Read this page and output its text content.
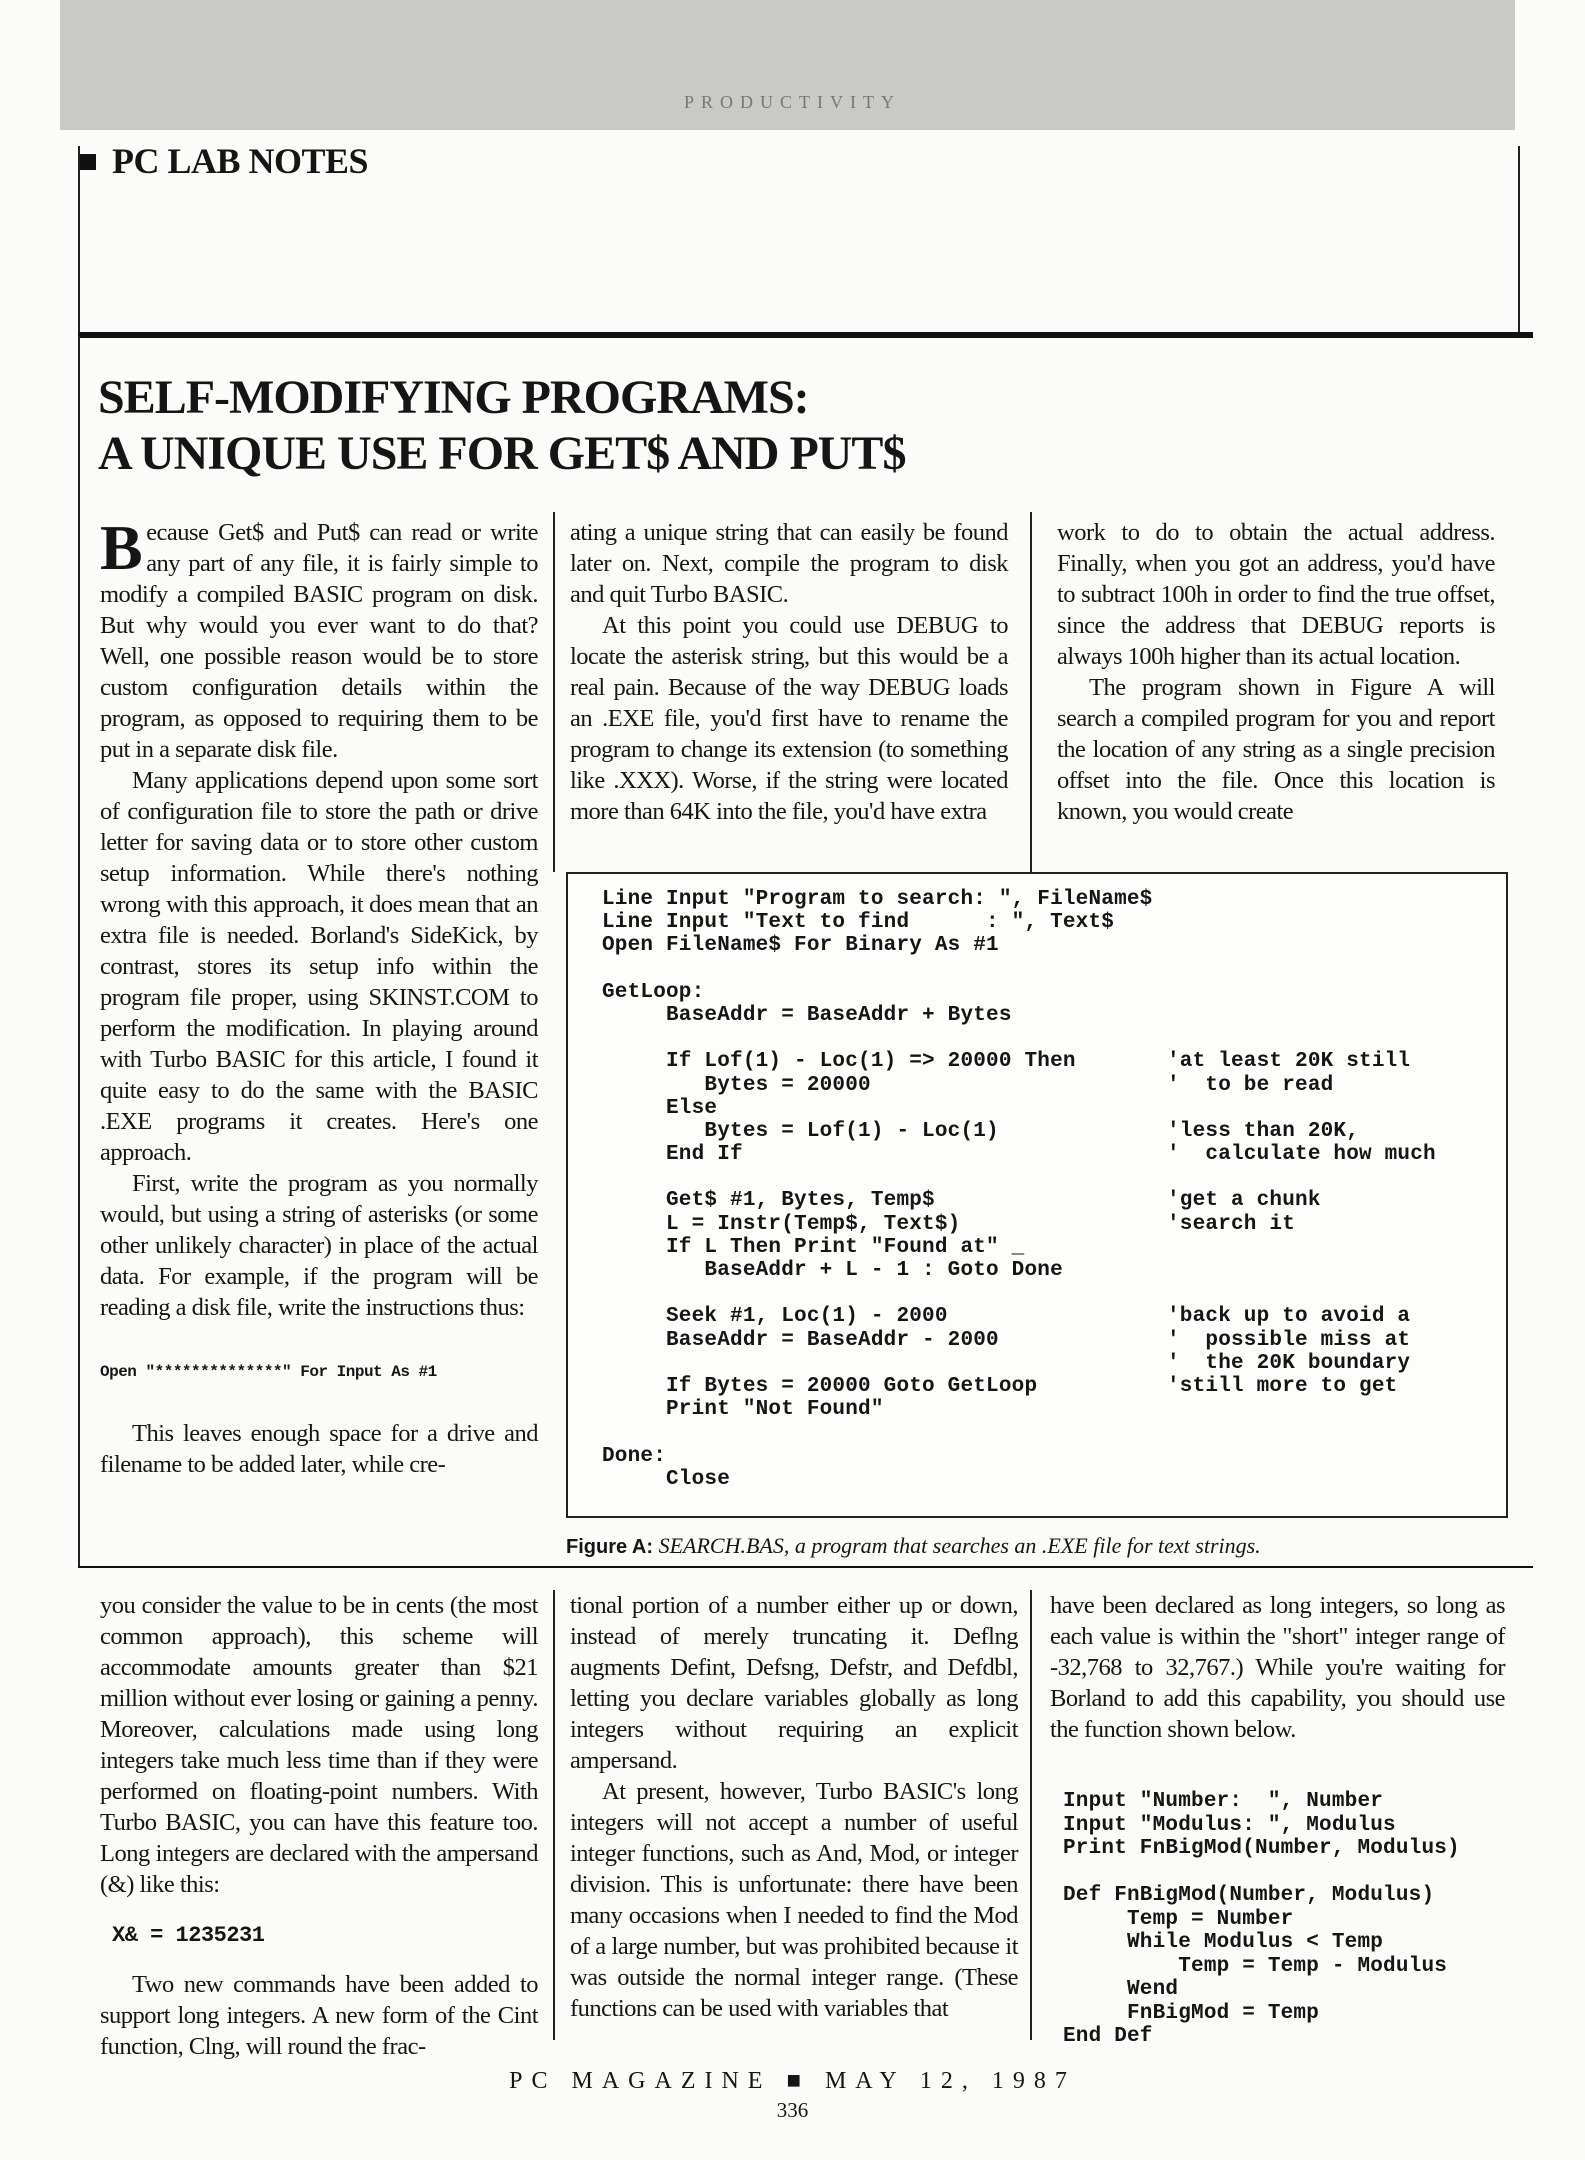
PRODUCTIVITY
PC LAB NOTES
SELF-MODIFYING PROGRAMS:
A UNIQUE USE FOR GET$ AND PUT$

Because Get$ and Put$ can read or write any part of any file, it is fairly simple to modify a compiled BASIC program on disk. But why would you ever want to do that? Well, one possible reason would be to store custom configuration details within the program, as opposed to requiring them to be put in a separate disk file.

Many applications depend upon some sort of configuration file to store the path or drive letter for saving data or to store other custom setup information. While there's nothing wrong with this approach, it does mean that an extra file is needed. Borland's SideKick, by contrast, stores its setup info within the program file proper, using SKINST.COM to perform the modification. In playing around with Turbo BASIC for this article, I found it quite easy to do the same with the BASIC .EXE programs it creates. Here's one approach.

First, write the program as you normally would, but using a string of asterisks (or some other unlikely character) in place of the actual data. For example, if the program will be reading a disk file, write the instructions thus:

Open "**************" For Input As #1

This leaves enough space for a drive and filename to be added later, while cre-

ating a unique string that can easily be found later on. Next, compile the program to disk and quit Turbo BASIC.

At this point you could use DEBUG to locate the asterisk string, but this would be a real pain. Because of the way DEBUG loads an .EXE file, you'd first have to rename the program to change its extension (to something like .XXX). Worse, if the string were located more than 64K into the file, you'd have extra

work to do to obtain the actual address. Finally, when you got an address, you'd have to subtract 100h in order to find the true offset, since the address that DEBUG reports is always 100h higher than its actual location.

The program shown in Figure A will search a compiled program for you and report the location of any string as a single precision offset into the file. Once this location is known, you would create

Line Input "Program to search: ", FileName$
Line Input "Text to find      : ", Text$
Open FileName$ For Binary As #1
GetLoop:
BaseAddr = BaseAddr + Bytes
If Lof(1) - Loc(1) => 20000 Then	'at least 20K still
Bytes = 20000	'  to be read
Else
Bytes = Lof(1) - Loc(1)	'less than 20K,
End If	'  calculate how much
Get$ #1, Bytes, Temp$	'get a chunk
L = Instr(Temp$, Text$)	'search it
If L Then Print "Found at" _
BaseAddr + L - 1 : Goto Done
Seek #1, Loc(1) - 2000	'back up to avoid a
BaseAddr = BaseAddr - 2000	'  possible miss at
'  the 20K boundary
If Bytes = 20000 Goto GetLoop	'still more to get
Print "Not Found"
Done:
Close
Figure A: SEARCH.BAS, a program that searches an .EXE file for text strings.

you consider the value to be in cents (the most common approach), this scheme will accommodate amounts greater than $21 million without ever losing or gaining a penny. Moreover, calculations made using long integers take much less time than if they were performed on floating-point numbers. With Turbo BASIC, you can have this feature too. Long integers are declared with the ampersand (&) like this:

X& = 1235231

Two new commands have been added to support long integers. A new form of the Cint function, Clng, will round the frac-

tional portion of a number either up or down, instead of merely truncating it. Deflng augments Defint, Defsng, Defstr, and Defdbl, letting you declare variables globally as long integers without requiring an explicit ampersand.

At present, however, Turbo BASIC's long integers will not accept a number of useful integer functions, such as And, Mod, or integer division. This is unfortunate: there have been many occasions when I needed to find the Mod of a large number, but was prohibited because it was outside the normal integer range. (These functions can be used with variables that

have been declared as long integers, so long as each value is within the "short" integer range of -32,768 to 32,767.) While you're waiting for Borland to add this capability, you should use the function shown below.

Input "Number:  ", Number
Input "Modulus: ", Modulus
Print FnBigMod(Number, Modulus)
Def FnBigMod(Number, Modulus)
Temp = Number
While Modulus < Temp
Temp = Temp - Modulus
Wend
FnBigMod = Temp
End Def
PC MAGAZINE ■ MAY 12, 1987
336
